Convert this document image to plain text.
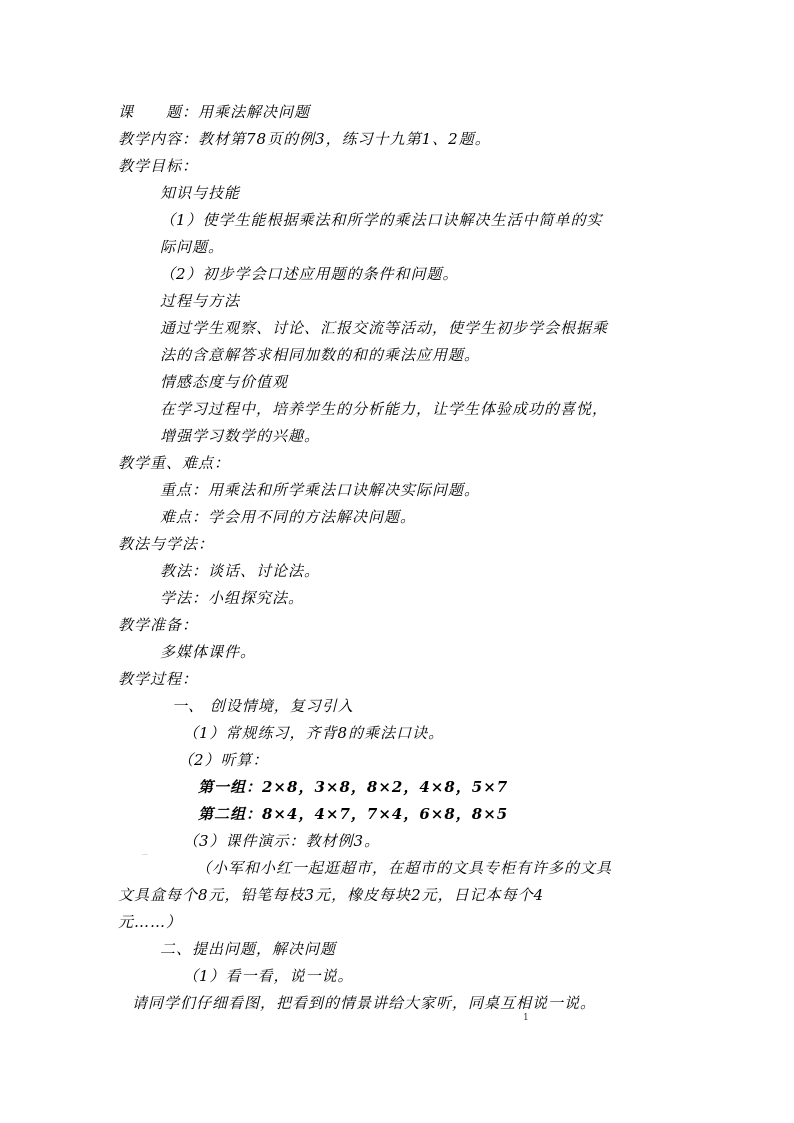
课　　题：用乘法解决问题
教学内容：教材第78页的例3，练习十九第1、2题。
教学目标：
知识与技能
（1）使学生能根据乘法和所学的乘法口诀解决生活中简单的实
际问题。
（2）初步学会口述应用题的条件和问题。
过程与方法
通过学生观察、讨论、汇报交流等活动，使学生初步学会根据乘
法的含意解答求相同加数的和的乘法应用题。
情感态度与价值观
在学习过程中，培养学生的分析能力，让学生体验成功的喜悦，
增强学习数学的兴趣。
教学重、难点：
重点：用乘法和所学乘法口诀解决实际问题。
难点：学会用不同的方法解决问题。
教法与学法：
教法：谈话、讨论法。
学法：小组探究法。
教学准备：
多媒体课件。
教学过程：
一、 创设情境，复习引入
（1）常规练习，齐背8的乘法口诀。
（2）听算：
第一组：2×8，3×8，8×2，4×8，5×7
第二组：8×4，4×7，7×4，6×8，8×5
（3）课件演示：教材例3。
（小军和小红一起逛超市，在超市的文具专柜有许多的文具
文具盒每个8元，铅笔每枝3元，橡皮每块2元，日记本每个4
元……）
二、提出问题，解决问题
（1）看一看，说一说。
请同学们仔细看图，把看到的情景讲给大家听，同桌互相说一说。
...
1
